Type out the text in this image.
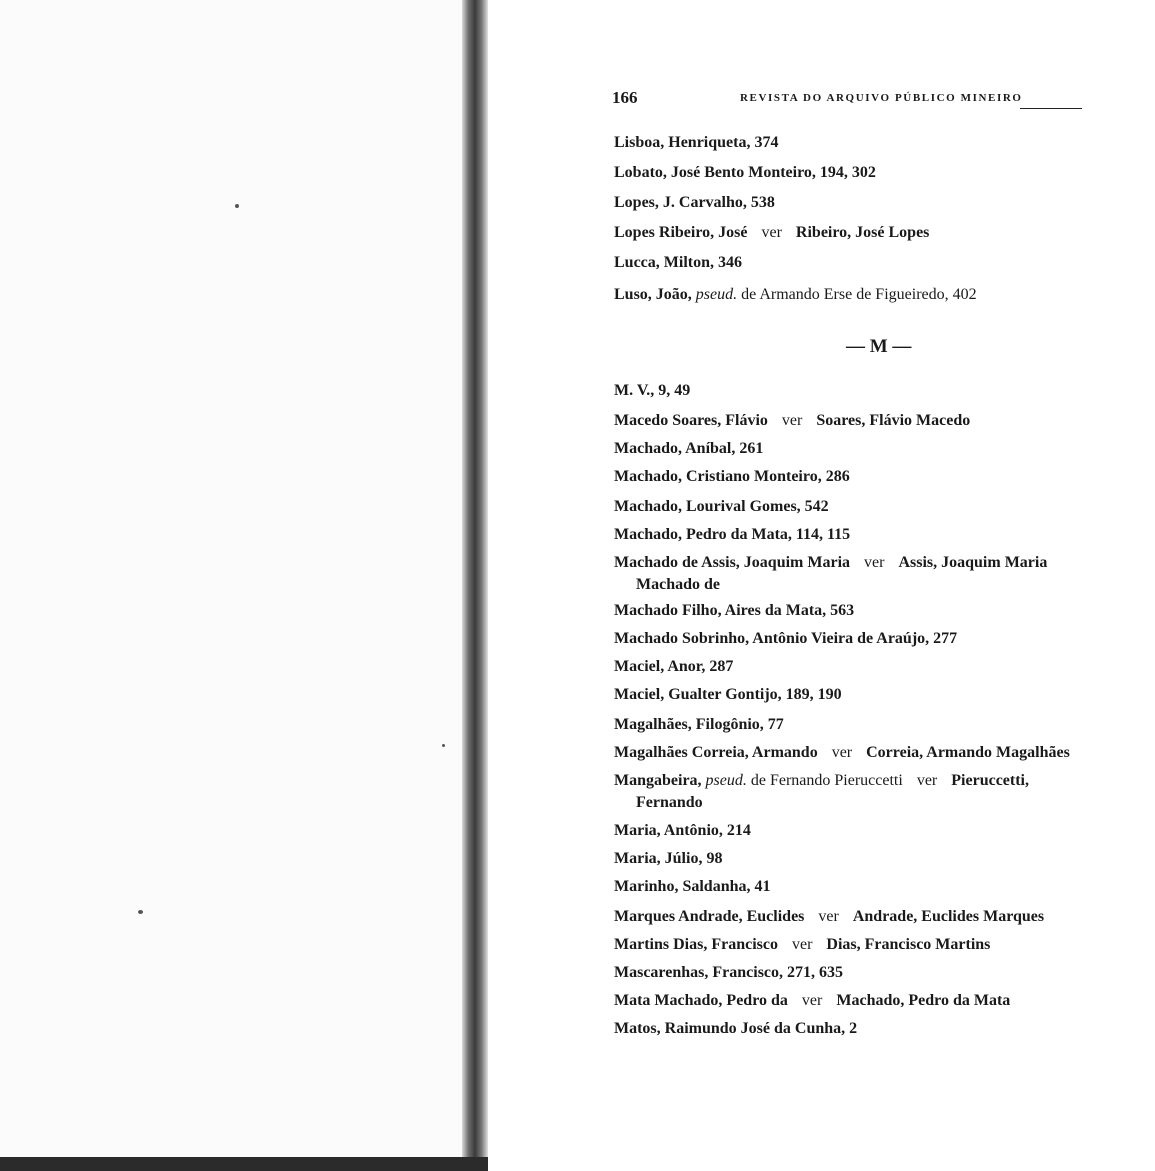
166	REVISTA DO ARQUIVO PÚBLICO MINEIRO
— M —
Lisboa, Henriqueta, 374
Lobato, José Bento Monteiro, 194, 302
Lopes, J. Carvalho, 538
Lopes Ribeiro, José ver Ribeiro, José Lopes
Lucca, Milton, 346
Luso, João, pseud. de Armando Erse de Figueiredo, 402
M. V., 9, 49
Macedo Soares, Flávio ver Soares, Flávio Macedo
Machado, Aníbal, 261
Machado, Cristiano Monteiro, 286
Machado, Lourival Gomes, 542
Machado, Pedro da Mata, 114, 115
Machado de Assis, Joaquim Maria ver Assis, Joaquim Maria
Machado de
Machado Filho, Aires da Mata, 563
Machado Sobrinho, Antônio Vieira de Araújo, 277
Maciel, Anor, 287
Maciel, Gualter Gontijo, 189, 190
Magalhães, Filogônio, 77
Magalhães Correia, Armando ver Correia, Armando Magalhães
Mangabeira, pseud. de Fernando Pieruccetti ver Pieruccetti,
Fernando
Maria, Antônio, 214
Maria, Júlio, 98
Marinho, Saldanha, 41
Marques Andrade, Euclides ver Andrade, Euclides Marques
Martins Dias, Francisco ver Dias, Francisco Martins
Mascarenhas, Francisco, 271, 635
Mata Machado, Pedro da ver Machado, Pedro da Mata
Matos, Raimundo José da Cunha, 2
